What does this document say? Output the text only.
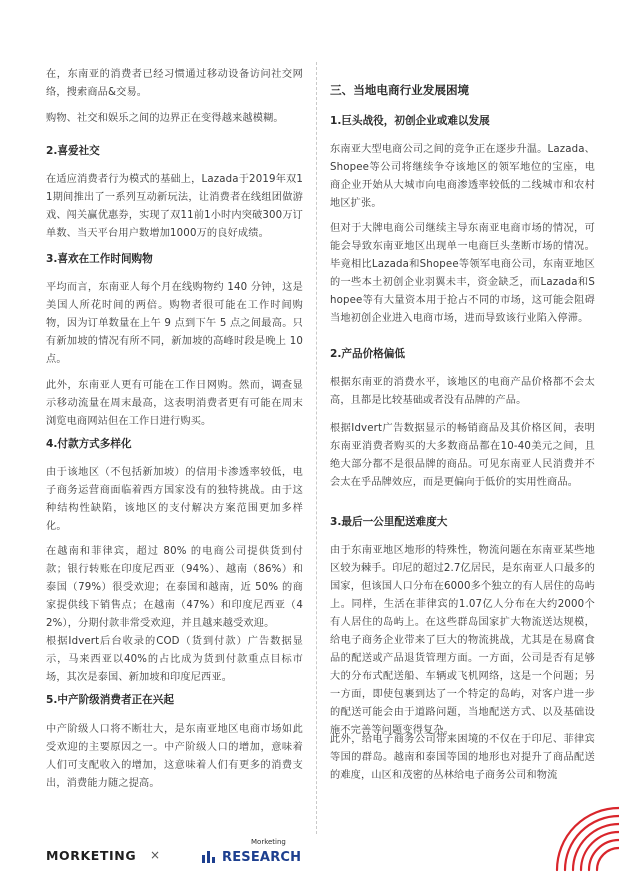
在，东南亚的消费者已经习惯通过移动设备访问社交网络，搜索商品&交易。
购物、社交和娱乐之间的边界正在变得越来越模糊。
2.喜爱社交
在适应消费者行为模式的基础上，Lazada于2019年双11期间推出了一系列互动新玩法，让消费者在线组团做游戏、闯关赢优惠券，实现了双11前1小时内突破300万订单数、当天平台用户数增加1000万的良好成绩。
3.喜欢在工作时间购物
平均而言，东南亚人每个月在线购物约 140 分钟，这是美国人所花时间的两倍。购物者很可能在工作时间购物，因为订单数量在上午 9 点到下午 5 点之间最高。只有新加坡的情况有所不同，新加坡的高峰时段是晚上 10点。
此外，东南亚人更有可能在工作日网购。然而，调查显示移动流量在周末最高，这表明消费者更有可能在周末浏览电商网站但在工作日进行购买。
4.付款方式多样化
由于该地区（不包括新加坡）的信用卡渗透率较低，电子商务运营商面临着西方国家没有的独特挑战。由于这种结构性缺陷，该地区的支付解决方案范围更加多样化。
在越南和菲律宾，超过 80% 的电商公司提供货到付款；银行转账在印度尼西亚（94%）、越南（86%）和泰国（79%）很受欢迎；在泰国和越南，近 50% 的商家提供线下销售点；在越南（47%）和印度尼西亚（42%），分期付款非常受欢迎，并且越来越受欢迎。
根据Idvert后台收录的COD（货到付款）广告数据显示，马来西亚以40%的占比成为货到付款重点目标市场，其次是泰国、新加坡和印度尼西亚。
5.中产阶级消费者正在兴起
中产阶级人口将不断壮大，是东南亚地区电商市场如此受欢迎的主要原因之一。中产阶级人口的增加，意味着人们可支配收入的增加，这意味着人们有更多的消费支出，消费能力随之提高。
三、当地电商行业发展困境
1.巨头战役，初创企业或难以发展
东南亚大型电商公司之间的竞争正在逐步升温。Lazada、Shopee等公司将继续争夺该地区的领军地位的宝座，电商企业开始从大城市向电商渗透率较低的二线城市和农村地区扩张。
但对于大牌电商公司继续主导东南亚电商市场的情况，可能会导致东南亚地区出现单一电商巨头垄断市场的情况。毕竟相比Lazada和Shopee等领军电商公司，东南亚地区的一些本土初创企业羽翼未丰，资金缺乏，而Lazada和Shopee等有大量资本用于抢占不同的市场，这可能会阻碍当地初创企业进入电商市场，进而导致该行业陷入停滞。
2.产品价格偏低
根据东南亚的消费水平，该地区的电商产品价格都不会太高，且都是比较基础或者没有品牌的产品。
根据Idvert广告数据显示的畅销商品及其价格区间，表明东南亚消费者购买的大多数商品都在10-40美元之间，且绝大部分都不是很品牌的商品。可见东南亚人民消费并不会太在乎品牌效应，而是更偏向于低价的实用性商品。
3.最后一公里配送难度大
由于东南亚地区地形的特殊性，物流问题在东南亚某些地区较为棘手。印尼的超过2.7亿居民，是东南亚人口最多的国家，但该国人口分布在6000多个独立的有人居住的岛屿上。同样，生活在菲律宾的1.07亿人分布在大约2000个有人居住的岛屿上。在这些群岛国家扩大物流送达规模，给电子商务企业带来了巨大的物流挑战，尤其是在易腐食品的配送或产品退货管理方面。一方面，公司是否有足够大的分布式配送船、车辆或飞机网络，这是一个问题；另一方面，即使包裹到达了一个特定的岛屿，对客户进一步的配送可能会由于道路问题，当地配送方式、以及基础设施不完善等问题变得复杂。
此外，给电子商务公司带来困境的不仅在于印尼、菲律宾等国的群岛。越南和泰国等国的地形也对提升了商品配送的难度，山区和茂密的丛林给电子商务公司和物流
MORKETING ×	RESEARCH
Morketing
